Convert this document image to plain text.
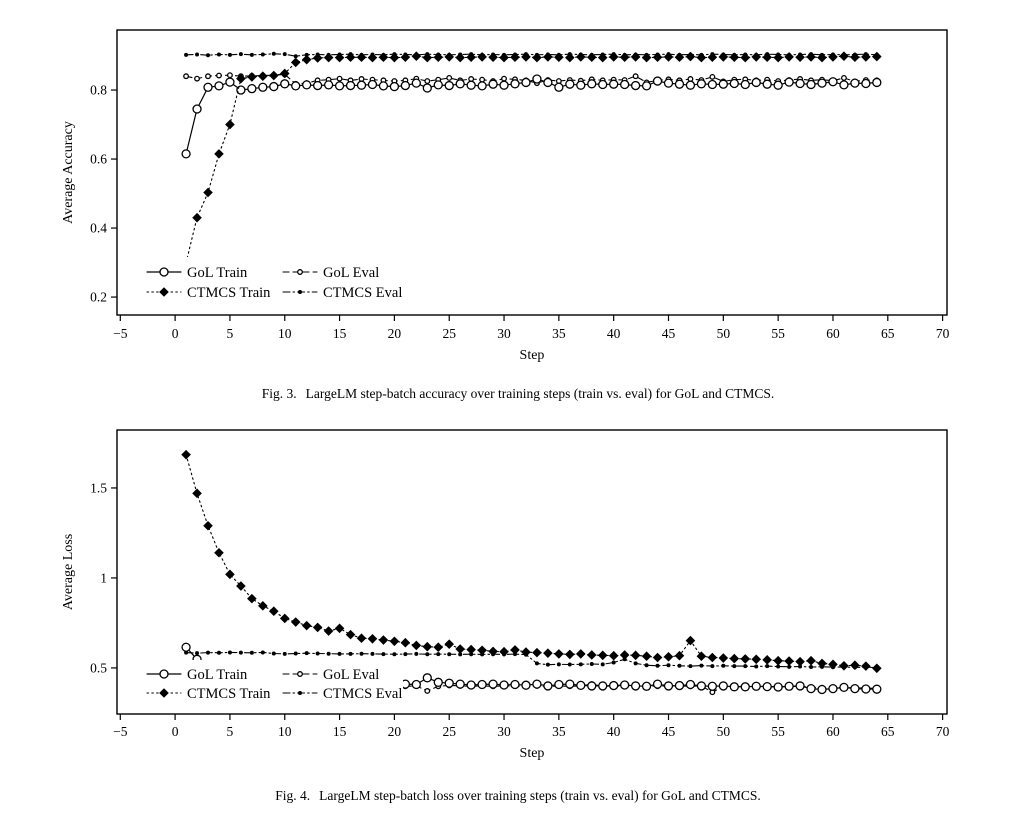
−5	0	5	10	15	20	25	30	35	40	45	50	55	60	65	70
0.2
0.4
0.6
0.8
GoL Train	GoL Eval
CTMCS Train	CTMCS Eval
Step
Average Accuracy
Fig. 3. LargeLM step-batch accuracy over training steps (train vs. eval) for GoL and CTMCS.
−5	0	5	10	15	20	25	30	35	40	45	50	55	60	65	70
0.5
1
1.5
GoL Train	GoL Eval
CTMCS Train	CTMCS Eval
Step
Average Loss
Fig. 4. LargeLM step-batch loss over training steps (train vs. eval) for GoL and CTMCS.
